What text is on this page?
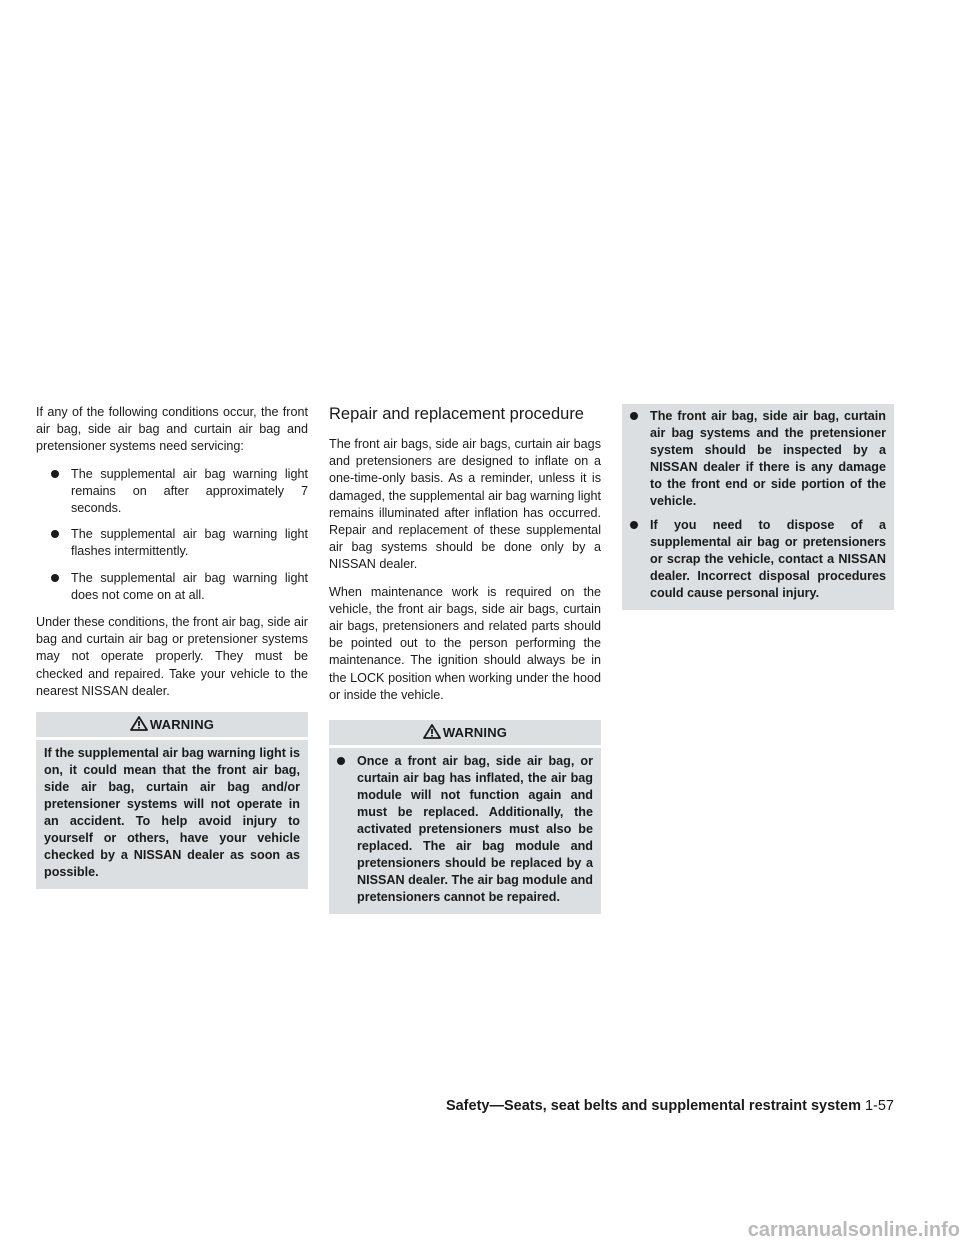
If any of the following conditions occur, the front air bag, side air bag and curtain air bag and pretensioner systems need servicing:

The supplemental air bag warning light remains on after approximately 7 seconds.
The supplemental air bag warning light flashes intermittently.
The supplemental air bag warning light does not come on at all.

Under these conditions, the front air bag, side air bag and curtain air bag or pretensioner systems may not operate properly. They must be checked and repaired. Take your vehicle to the nearest NISSAN dealer.

WARNING
If the supplemental air bag warning light is on, it could mean that the front air bag, side air bag, curtain air bag and/or pretensioner systems will not operate in an accident. To help avoid injury to yourself or others, have your vehicle checked by a NISSAN dealer as soon as possible.
Repair and replacement procedure

The front air bags, side air bags, curtain air bags and pretensioners are designed to inflate on a one-time-only basis. As a reminder, unless it is damaged, the supplemental air bag warning light remains illuminated after inflation has occurred. Repair and replacement of these supplemental air bag systems should be done only by a NISSAN dealer.

When maintenance work is required on the vehicle, the front air bags, side air bags, curtain air bags, pretensioners and related parts should be pointed out to the person performing the maintenance. The ignition should always be in the LOCK position when working under the hood or inside the vehicle.

WARNING
Once a front air bag, side air bag, or curtain air bag has inflated, the air bag module will not function again and must be replaced. Additionally, the activated pretensioners must also be replaced. The air bag module and pretensioners should be replaced by a NISSAN dealer. The air bag module and pretensioners cannot be repaired.
The front air bag, side air bag, curtain air bag systems and the pretensioner system should be inspected by a NISSAN dealer if there is any damage to the front end or side portion of the vehicle.
If you need to dispose of a supplemental air bag or pretensioners or scrap the vehicle, contact a NISSAN dealer. Incorrect disposal procedures could cause personal injury.
Safety—Seats, seat belts and supplemental restraint system 1-57
carmanualsonline.info
